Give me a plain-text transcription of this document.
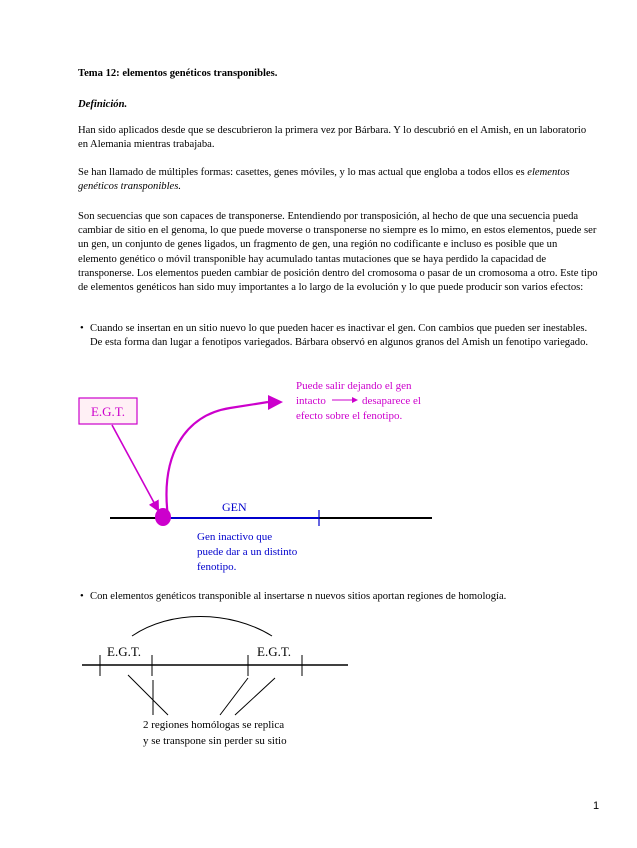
Tema 12: elementos genéticos transponibles.

Definición.

Han sido aplicados desde que se descubrieron la primera vez por Bárbara. Y lo descubrió en el Amish, en un laboratorio en Alemania mientras trabajaba.

Se han llamado de múltiples formas: casettes, genes móviles, y lo mas actual que engloba a todos ellos es elementos genéticos transponibles.

Son secuencias que son capaces de transponerse. Entendiendo por transposición, al hecho de que una secuencia pueda cambiar de sitio en el genoma, lo que puede moverse o transponerse no siempre es lo mimo, en estos elementos, puede ser un gen, un conjunto de genes ligados, un fragmento de gen, una región no codificante e incluso es posible que un elemento genético o móvil transponible hay acumulado tantas mutaciones que se haya perdido la capacidad de transponerse. Los elementos pueden cambiar de posición dentro del cromosoma o pasar de un cromosoma a otro. Este tipo de elementos genéticos han sido muy importantes a lo largo de la evolución y lo que puede producir son varios efectos:

• Cuando se insertan en un sitio nuevo lo que pueden hacer es inactivar el gen. Con cambios que pueden ser inestables. De esta forma dan lugar a fenotipos variegados. Bárbara observó en algunos granos del Amish un fenotipo variegado.
E.G.T.
Puede salir dejando el gen
intacto	desaparece el
efecto sobre el fenotipo.
GEN
Gen inactivo que
puede dar a un distinto
fenotipo.
E.G.T.	E.G.T.
2 regiones homólogas se replica
y se transpone sin perder su sitio
• Con elementos genéticos transponible al insertarse n nuevos sitios aportan regiones de homología.
1
